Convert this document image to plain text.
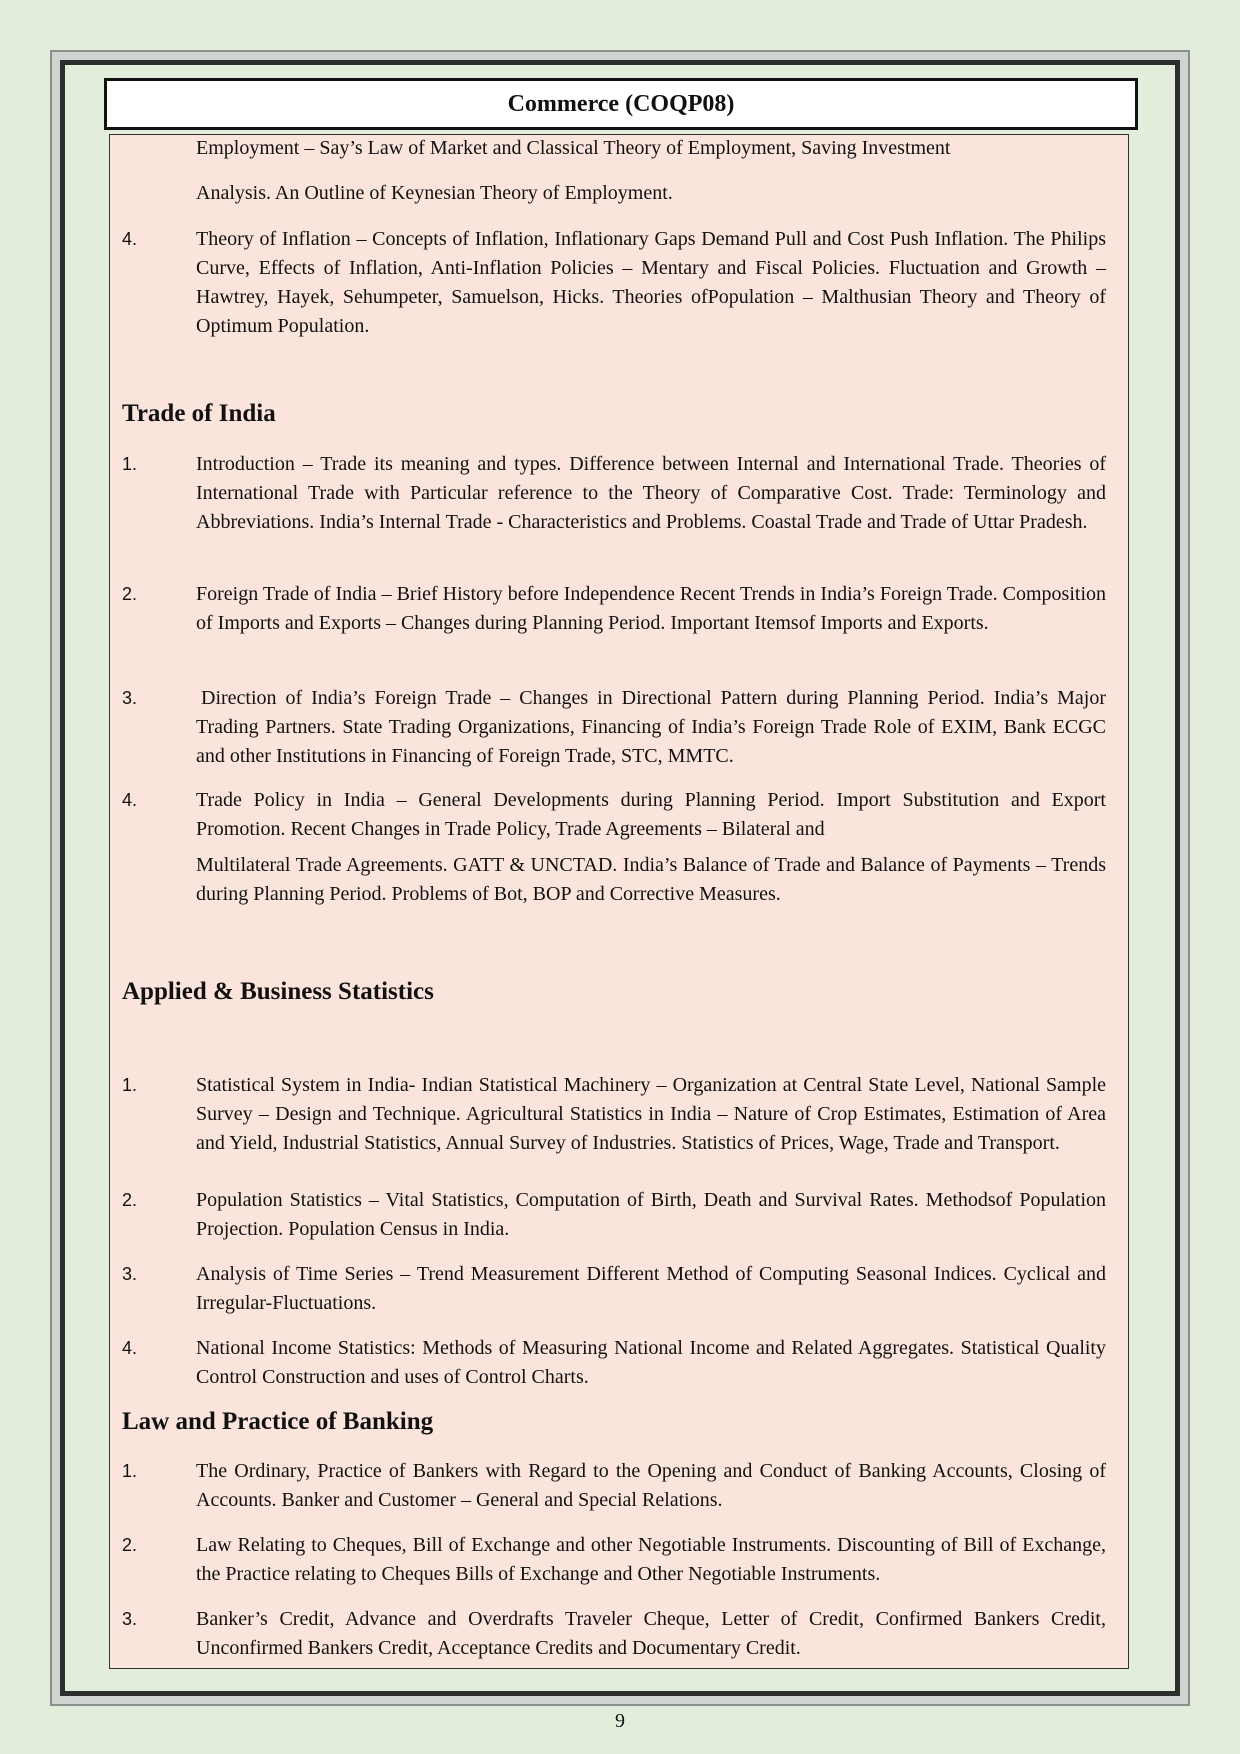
Commerce (COQP08)

Employment – Say’s Law of Market and Classical Theory of Employment, Saving Investment

Analysis. An Outline of Keynesian Theory of Employment.

4.	Theory of Inflation – Concepts of Inflation, Inflationary Gaps Demand Pull and Cost Push Inflation. The Philips Curve, Effects of Inflation, Anti-Inflation Policies – Mentary and Fiscal Policies. Fluctuation and Growth – Hawtrey, Hayek, Sehumpeter, Samuelson, Hicks. Theories ofPopulation – Malthusian Theory and Theory of Optimum Population.

Trade of India
1.	Introduction – Trade its meaning and types. Difference between Internal and International Trade. Theories of International Trade with Particular reference to the Theory of Comparative Cost. Trade: Terminology and Abbreviations. India’s Internal Trade - Characteristics and Problems. Coastal Trade and Trade of Uttar Pradesh.

2.	Foreign Trade of India – Brief History before Independence Recent Trends in India’s Foreign Trade. Composition of Imports and Exports – Changes during Planning Period. Important Itemsof Imports and Exports.

3.	Direction of India’s Foreign Trade – Changes in Directional Pattern during Planning Period. India’s Major Trading Partners. State Trading Organizations, Financing of India’s Foreign Trade Role of EXIM, Bank ECGC and other Institutions in Financing of Foreign Trade, STC, MMTC.

4.	Trade Policy in India – General Developments during Planning Period. Import Substitution and Export Promotion. Recent Changes in Trade Policy, Trade Agreements – Bilateral and

Multilateral Trade Agreements. GATT & UNCTAD. India’s Balance of Trade and Balance of Payments – Trends during Planning Period. Problems of Bot, BOP and Corrective Measures.

Applied & Business Statistics
1.	Statistical System in India- Indian Statistical Machinery – Organization at Central State Level, National Sample Survey – Design and Technique. Agricultural Statistics in India – Nature of Crop Estimates, Estimation of Area and Yield, Industrial Statistics, Annual Survey of Industries. Statistics of Prices, Wage, Trade and Transport.

2.	Population Statistics – Vital Statistics, Computation of Birth, Death and Survival Rates. Methodsof Population Projection. Population Census in India.

3.	Analysis of Time Series – Trend Measurement Different Method of Computing Seasonal Indices. Cyclical and Irregular-Fluctuations.

4.	National Income Statistics: Methods of Measuring National Income and Related Aggregates. Statistical Quality Control Construction and uses of Control Charts.

Law and Practice of Banking
1.	The Ordinary, Practice of Bankers with Regard to the Opening and Conduct of Banking Accounts, Closing of Accounts. Banker and Customer – General and Special Relations.

2.	Law Relating to Cheques, Bill of Exchange and other Negotiable Instruments. Discounting of Bill of Exchange, the Practice relating to Cheques Bills of Exchange and Other Negotiable Instruments.

3.	Banker’s Credit, Advance and Overdrafts Traveler Cheque, Letter of Credit, Confirmed Bankers Credit, Unconfirmed Bankers Credit, Acceptance Credits and Documentary Credit.

9
